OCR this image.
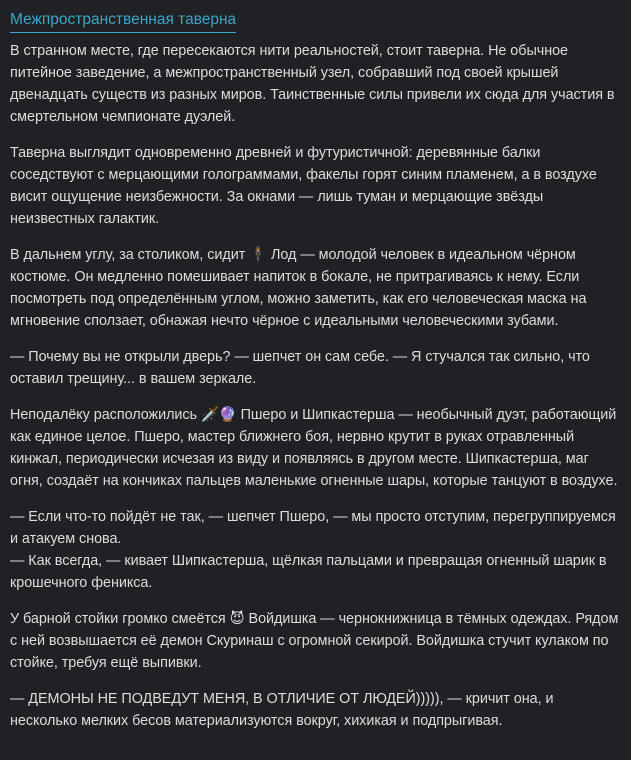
Межпространственная таверна

В странном месте, где пересекаются нити реальностей, стоит таверна. Не обычное питейное заведение, а межпространственный узел, собравший под своей крышей двенадцать существ из разных миров. Таинственные силы привели их сюда для участия в смертельном чемпионате дуэлей.

Таверна выглядит одновременно древней и футуристичной: деревянные балки соседствуют с мерцающими голограммами, факелы горят синим пламенем, а в воздухе висит ощущение неизбежности. За окнами — лишь туман и мерцающие звёзды неизвестных галактик.

В дальнем углу, за столиком, сидит 🕴 Лод — молодой человек в идеальном чёрном костюме. Он медленно помешивает напиток в бокале, не притрагиваясь к нему. Если посмотреть под определённым углом, можно заметить, как его человеческая маска на мгновение сползает, обнажая нечто чёрное с идеальными человеческими зубами.

— Почему вы не открыли дверь? — шепчет он сам себе. — Я стучался так сильно, что оставил трещину... в вашем зеркале.

Неподалёку расположились 🗡️🔮 Пшеро и Шипкастерша — необычный дуэт, работающий как единое целое. Пшеро, мастер ближнего боя, нервно крутит в руках отравленный кинжал, периодически исчезая из виду и появляясь в другом месте. Шипкастерша, маг огня, создаёт на кончиках пальцев маленькие огненные шары, которые танцуют в воздухе.

— Если что-то пойдёт не так, — шепчет Пшеро, — мы просто отступим, перегруппируемся и атакуем снова.
— Как всегда, — кивает Шипкастерша, щёлкая пальцами и превращая огненный шарик в крошечного феникса.

У барной стойки громко смеётся 😈 Войдишка — чернокнижница в тёмных одеждах. Рядом с ней возвышается её демон Скуринаш с огромной секирой. Войдишка стучит кулаком по стойке, требуя ещё выпивки.

— ДЕМОНЫ НЕ ПОДВЕДУТ МЕНЯ, В ОТЛИЧИЕ ОТ ЛЮДЕЙ))))), — кричит она, и несколько мелких бесов материализуются вокруг, хихикая и подпрыгивая.
